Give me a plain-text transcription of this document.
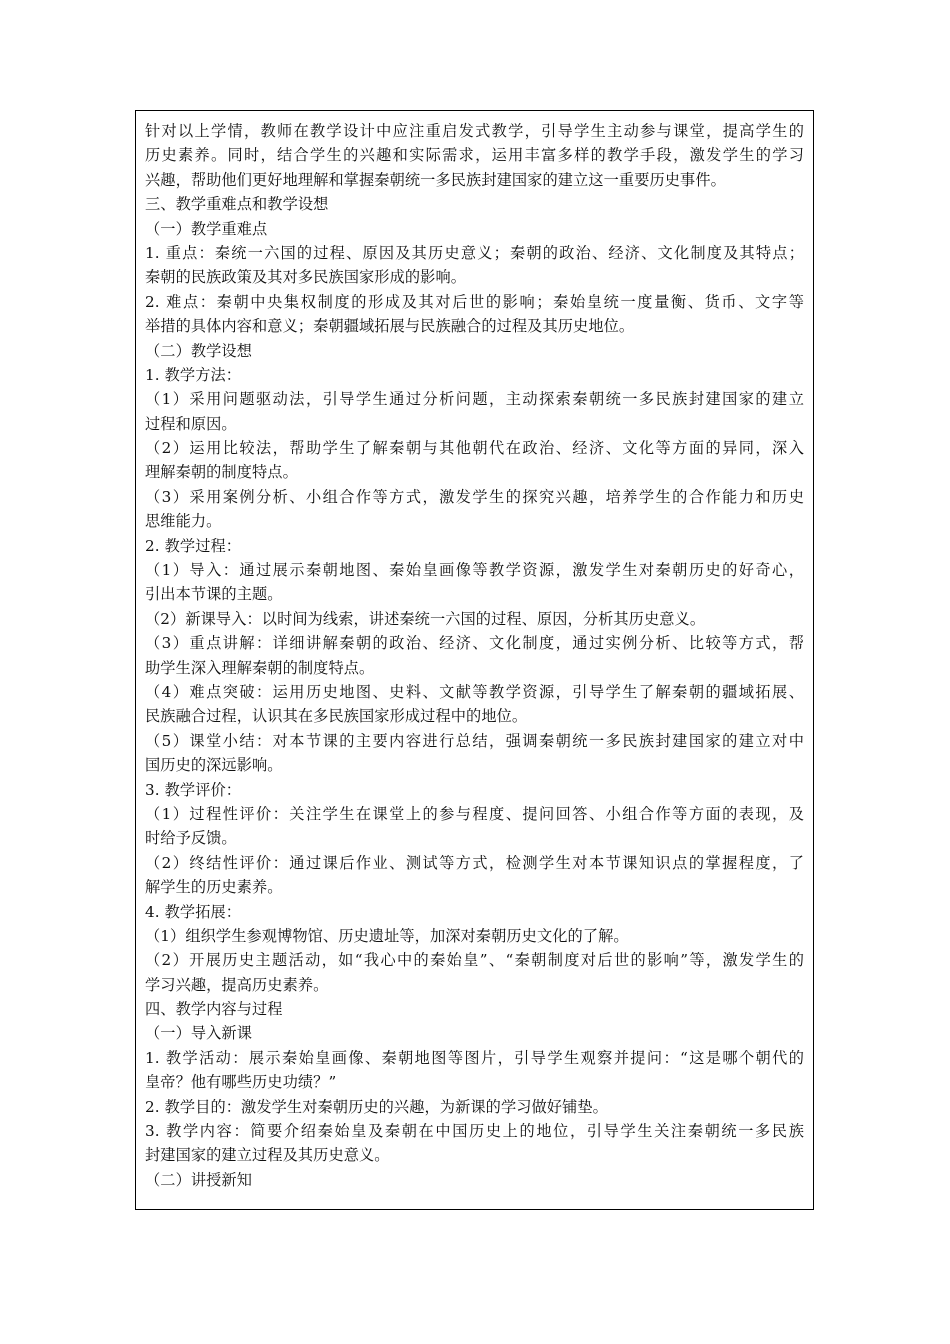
针对以上学情，教师在教学设计中应注重启发式教学，引导学生主动参与课堂，提高学生的
历史素养。同时，结合学生的兴趣和实际需求，运用丰富多样的教学手段，激发学生的学习
兴趣，帮助他们更好地理解和掌握秦朝统一多民族封建国家的建立这一重要历史事件。
三、教学重难点和教学设想
（一）教学重难点
1. 重点：秦统一六国的过程、原因及其历史意义；秦朝的政治、经济、文化制度及其特点；
秦朝的民族政策及其对多民族国家形成的影响。
2. 难点：秦朝中央集权制度的形成及其对后世的影响；秦始皇统一度量衡、货币、文字等
举措的具体内容和意义；秦朝疆域拓展与民族融合的过程及其历史地位。
（二）教学设想
1. 教学方法：
（1）采用问题驱动法，引导学生通过分析问题，主动探索秦朝统一多民族封建国家的建立
过程和原因。
（2）运用比较法，帮助学生了解秦朝与其他朝代在政治、经济、文化等方面的异同，深入
理解秦朝的制度特点。
（3）采用案例分析、小组合作等方式，激发学生的探究兴趣，培养学生的合作能力和历史
思维能力。
2. 教学过程：
（1）导入：通过展示秦朝地图、秦始皇画像等教学资源，激发学生对秦朝历史的好奇心，
引出本节课的主题。
（2）新课导入：以时间为线索，讲述秦统一六国的过程、原因，分析其历史意义。
（3）重点讲解：详细讲解秦朝的政治、经济、文化制度，通过实例分析、比较等方式，帮
助学生深入理解秦朝的制度特点。
（4）难点突破：运用历史地图、史料、文献等教学资源，引导学生了解秦朝的疆域拓展、
民族融合过程，认识其在多民族国家形成过程中的地位。
（5）课堂小结：对本节课的主要内容进行总结，强调秦朝统一多民族封建国家的建立对中
国历史的深远影响。
3. 教学评价：
（1）过程性评价：关注学生在课堂上的参与程度、提问回答、小组合作等方面的表现，及
时给予反馈。
（2）终结性评价：通过课后作业、测试等方式，检测学生对本节课知识点的掌握程度，了
解学生的历史素养。
4. 教学拓展：
（1）组织学生参观博物馆、历史遗址等，加深对秦朝历史文化的了解。
（2）开展历史主题活动，如“我心中的秦始皇”、“秦朝制度对后世的影响”等，激发学生的
学习兴趣，提高历史素养。
四、教学内容与过程
（一）导入新课
1. 教学活动：展示秦始皇画像、秦朝地图等图片，引导学生观察并提问：“这是哪个朝代的
皇帝？他有哪些历史功绩？”
2. 教学目的：激发学生对秦朝历史的兴趣，为新课的学习做好铺垫。
3. 教学内容：简要介绍秦始皇及秦朝在中国历史上的地位，引导学生关注秦朝统一多民族
封建国家的建立过程及其历史意义。
（二）讲授新知
